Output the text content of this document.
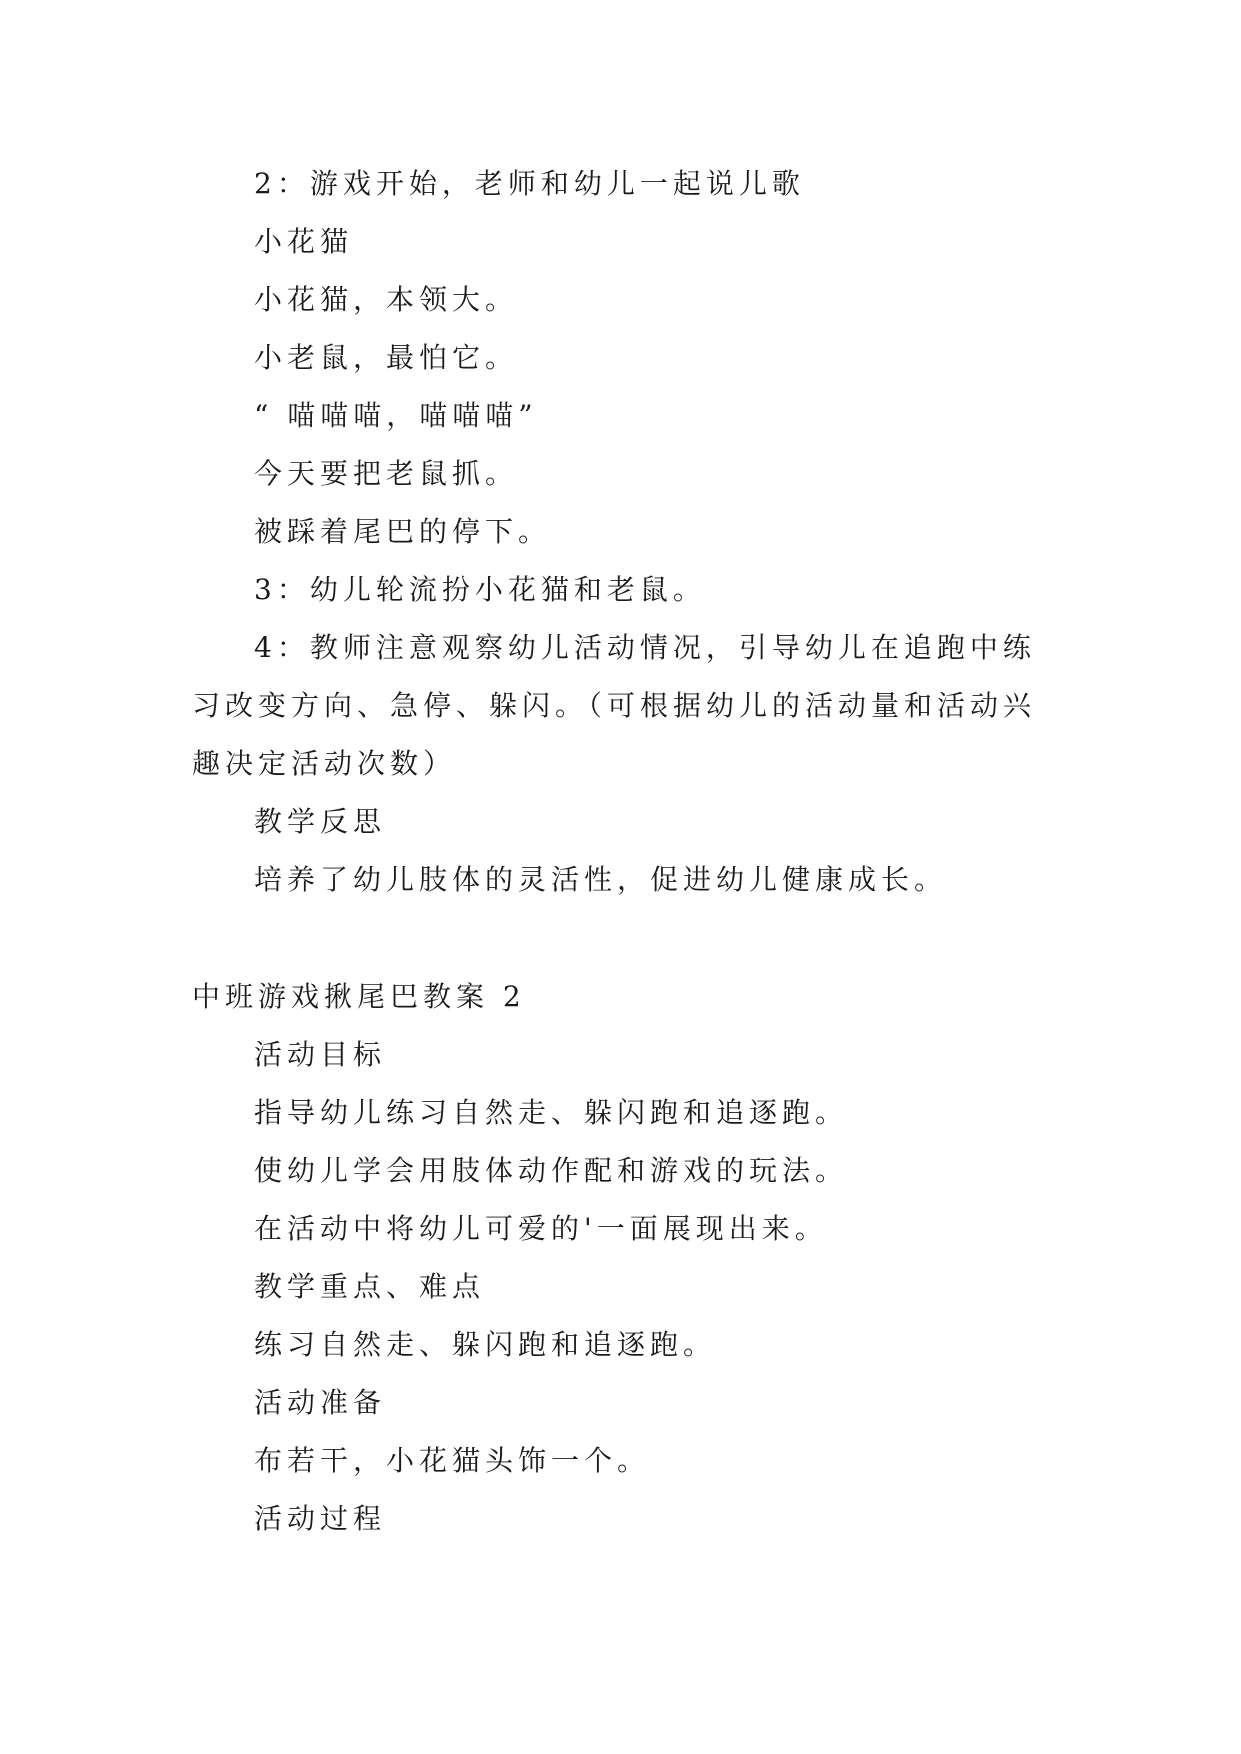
2：游戏开始，老师和幼儿一起说儿歌
小花猫
小花猫，本领大。
小老鼠，最怕它。
“ 喵喵喵，喵喵喵”
今天要把老鼠抓。
被踩着尾巴的停下。
3：幼儿轮流扮小花猫和老鼠。
4：教师注意观察幼儿活动情况，引导幼儿在追跑中练
习改变方向、急停、躲闪。（可根据幼儿的活动量和活动兴
趣决定活动次数）
教学反思
培养了幼儿肢体的灵活性，促进幼儿健康成长。
中班游戏揪尾巴教案 2
活动目标
指导幼儿练习自然走、躲闪跑和追逐跑。
使幼儿学会用肢体动作配和游戏的玩法。
在活动中将幼儿可爱的'一面展现出来。
教学重点、难点
练习自然走、躲闪跑和追逐跑。
活动准备
布若干，小花猫头饰一个。
活动过程
